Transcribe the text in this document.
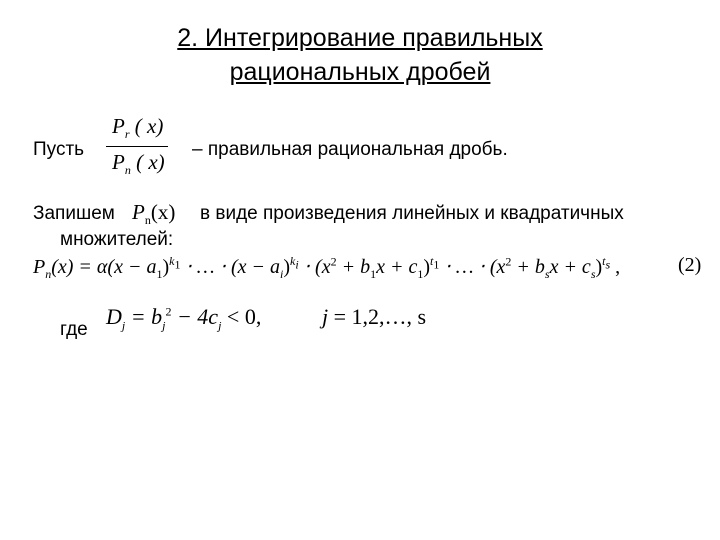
2. Интегрирование правильных
рациональных дробей
Пусть
$P_r$ ( x)
$P_n$ ( x)
– правильная рациональная дробь.
Запишем $P_n(x)$ в виде произведения линейных и квадратичных
множителей:
$P_n(x) = \alpha(x - a_1)^{k_1}$ ⋅ … ⋅ $(x - a_i)^{k_i} \cdot (x^2 + b_1x + c_1)^{t_1}$ ⋅ … ⋅ $(x^2 + b_sx + c_s)^{t_s}$ ,	(2)
где
$D_j = b_j^2 - 4c_j < 0$,	j = 1,2,…, s
